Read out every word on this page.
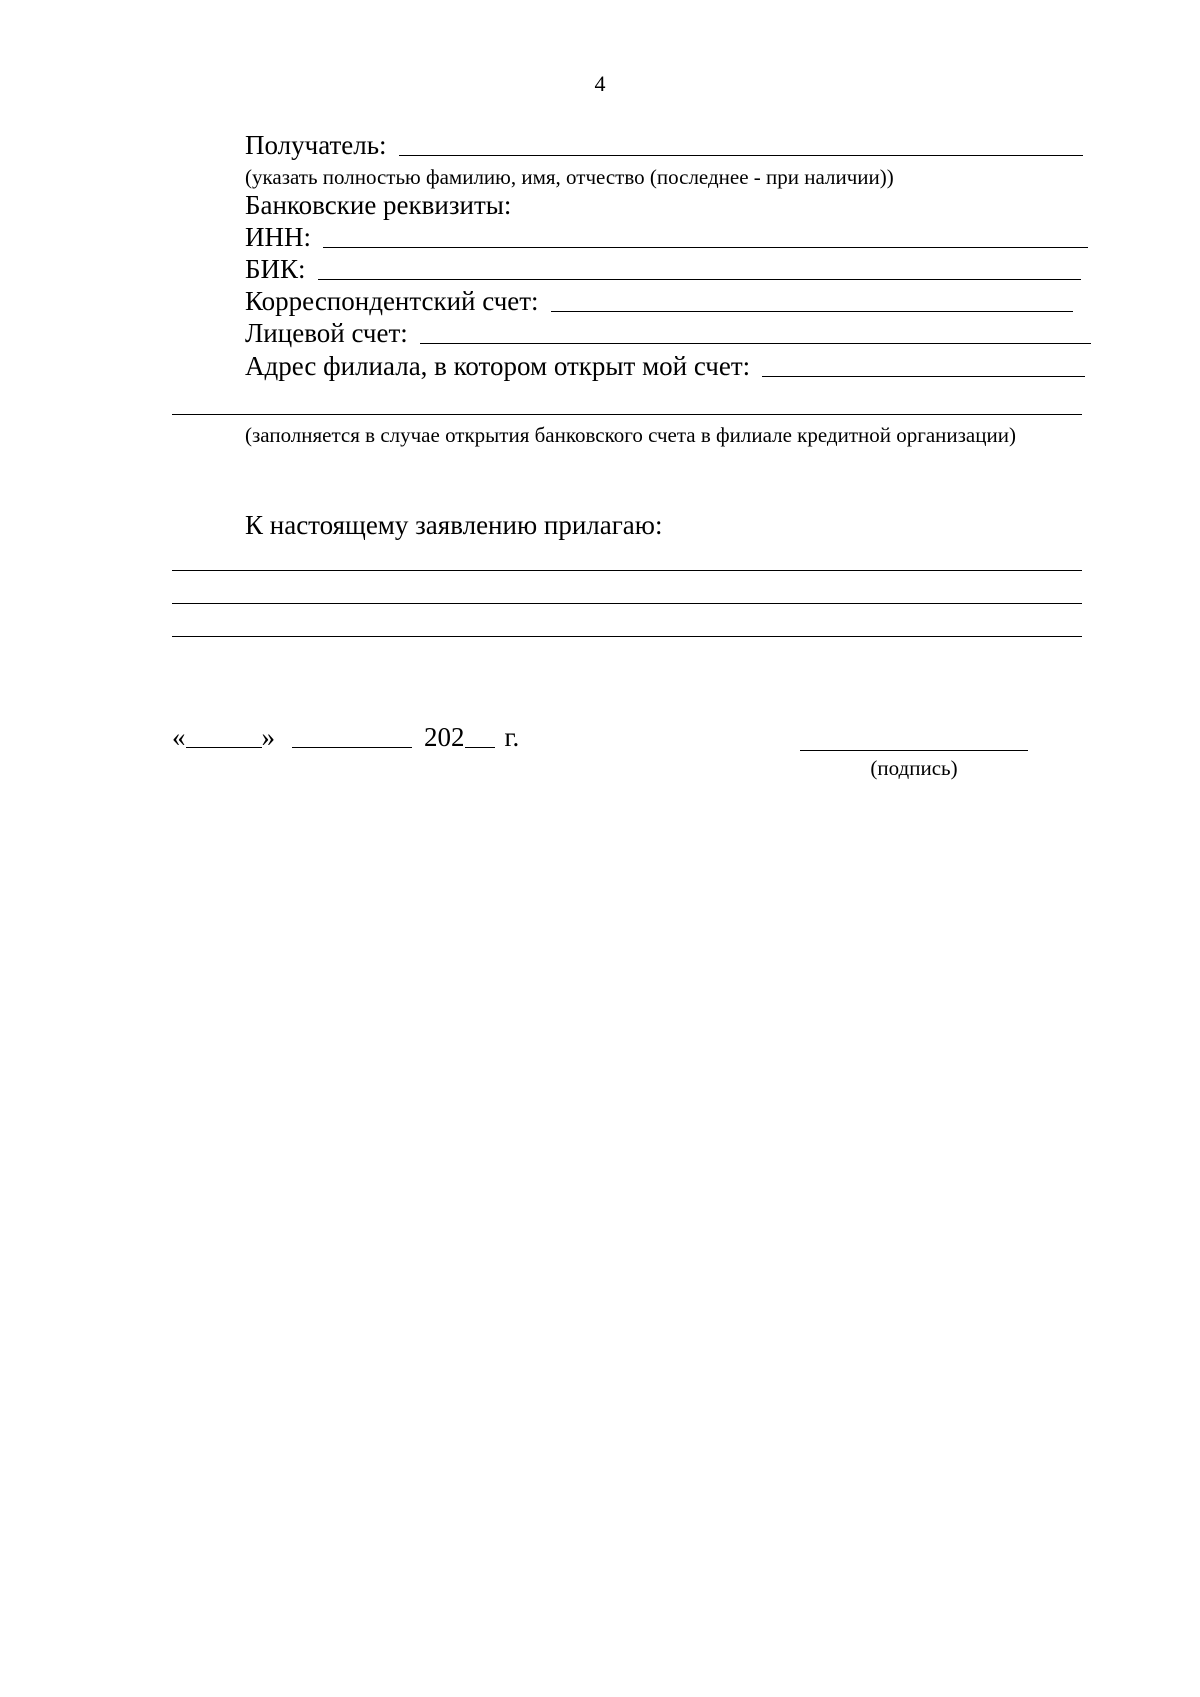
4
Получатель:
(указать полностью фамилию, имя, отчество (последнее - при наличии))
Банковские реквизиты:
ИНН:
БИК:
Корреспондентский счет:
Лицевой счет:
Адрес филиала, в котором открыт мой счет:
(заполняется в случае открытия банковского счета в филиале кредитной организации)
К настоящему заявлению прилагаю:
«	»	202 г.
(подпись)
